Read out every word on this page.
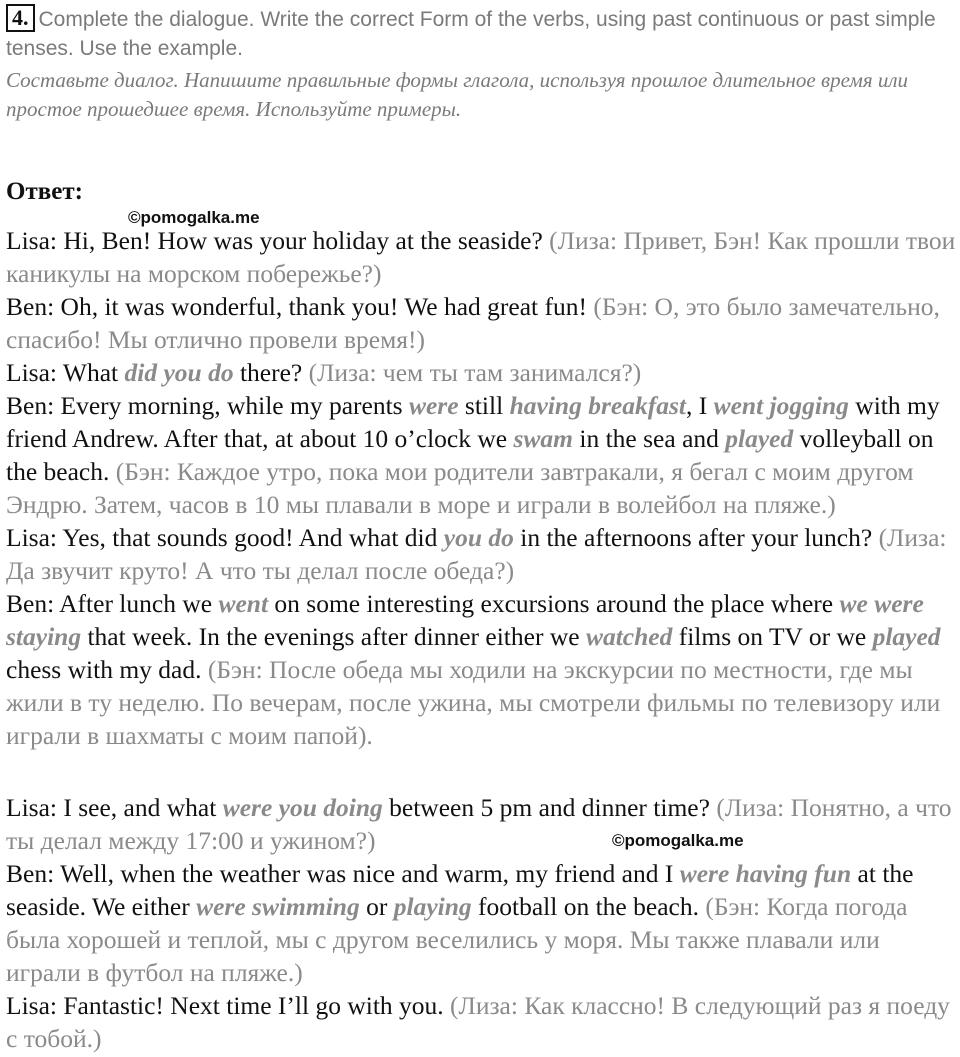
4. Complete the dialogue. Write the correct Form of the verbs, using past continuous or past simple tenses. Use the example.
Составьте диалог. Напишите правильные формы глагола, используя прошлое длительное время или простое прошедшее время. Используйте примеры.
Ответ:
©pomogalka.me

Lisa: Hi, Ben! How was your holiday at the seaside? (Лиза: Привет, Бэн! Как прошли твои каникулы на морском побережье?)
Ben: Oh, it was wonderful, thank you! We had great fun! (Бэн: О, это было замечательно, спасибо! Мы отлично провели время!)
Lisa: What did you do there? (Лиза: чем ты там занимался?)
Ben: Every morning, while my parents were still having breakfast, I went jogging with my friend Andrew. After that, at about 10 o’clock we swam in the sea and played volleyball on the beach. (Бэн: Каждое утро, пока мои родители завтракали, я бегал с моим другом Эндрю. Затем, часов в 10 мы плавали в море и играли в волейбол на пляже.)
Lisa: Yes, that sounds good! And what did you do in the afternoons after your lunch? (Лиза: Да звучит круто! А что ты делал после обеда?)
Ben: After lunch we went on some interesting excursions around the place where we were staying that week. In the evenings after dinner either we watched films on TV or we played chess with my dad. (Бэн: После обеда мы ходили на экскурсии по местности, где мы жили в ту неделю. По вечерам, после ужина, мы смотрели фильмы по телевизору или играли в шахматы с моим папой).

Lisa: I see, and what were you doing between 5 pm and dinner time? (Лиза: Понятно, а что ты делал между 17:00 и ужином?)
Ben: Well, when the weather was nice and warm, my friend and I were having fun at the seaside. We either were swimming or playing football on the beach. (Бэн: Когда погода была хорошей и теплой, мы с другом веселились у моря. Мы также плавали или играли в футбол на пляже.)
Lisa: Fantastic! Next time I’ll go with you. (Лиза: Как классно! В следующий раз я поеду с тобой.)

©pomogalka.me
